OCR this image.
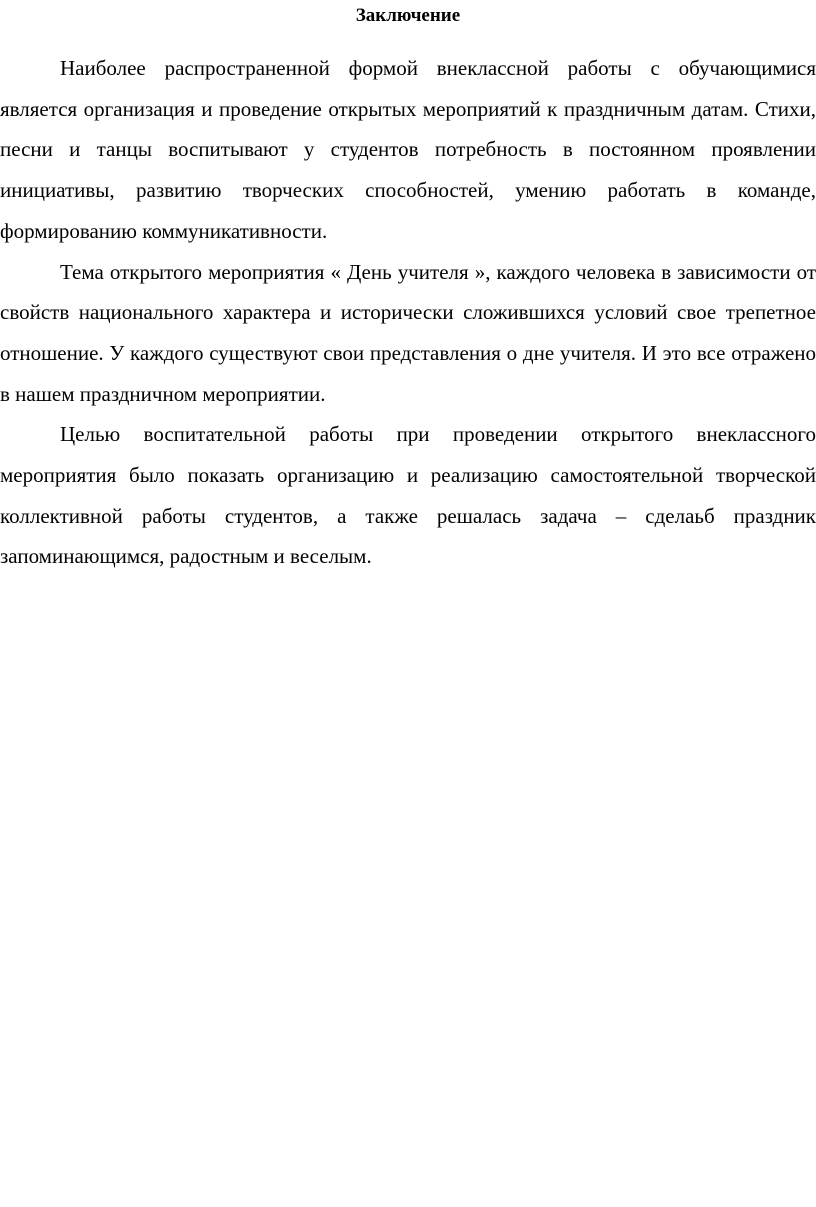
Заключение

Наиболее распространенной формой внеклассной работы с обучающимися является организация и проведение открытых мероприятий к праздничным датам. Стихи, песни и танцы воспитывают у студентов потребность в постоянном проявлении инициативы, развитию творческих способностей, умению работать в команде, формированию коммуникативности.

Тема открытого мероприятия « День учителя », каждого человека в зависимости от свойств национального характера и исторически сложившихся условий свое трепетное отношение. У каждого существуют свои представления о дне учителя. И это все отражено в нашем праздничном мероприятии.

Целью воспитательной работы при проведении открытого внеклассного мероприятия было показать организацию и реализацию самостоятельной творческой коллективной работы студентов, а также решалась задача – сделаьб праздник запоминающимся, радостным и веселым.
